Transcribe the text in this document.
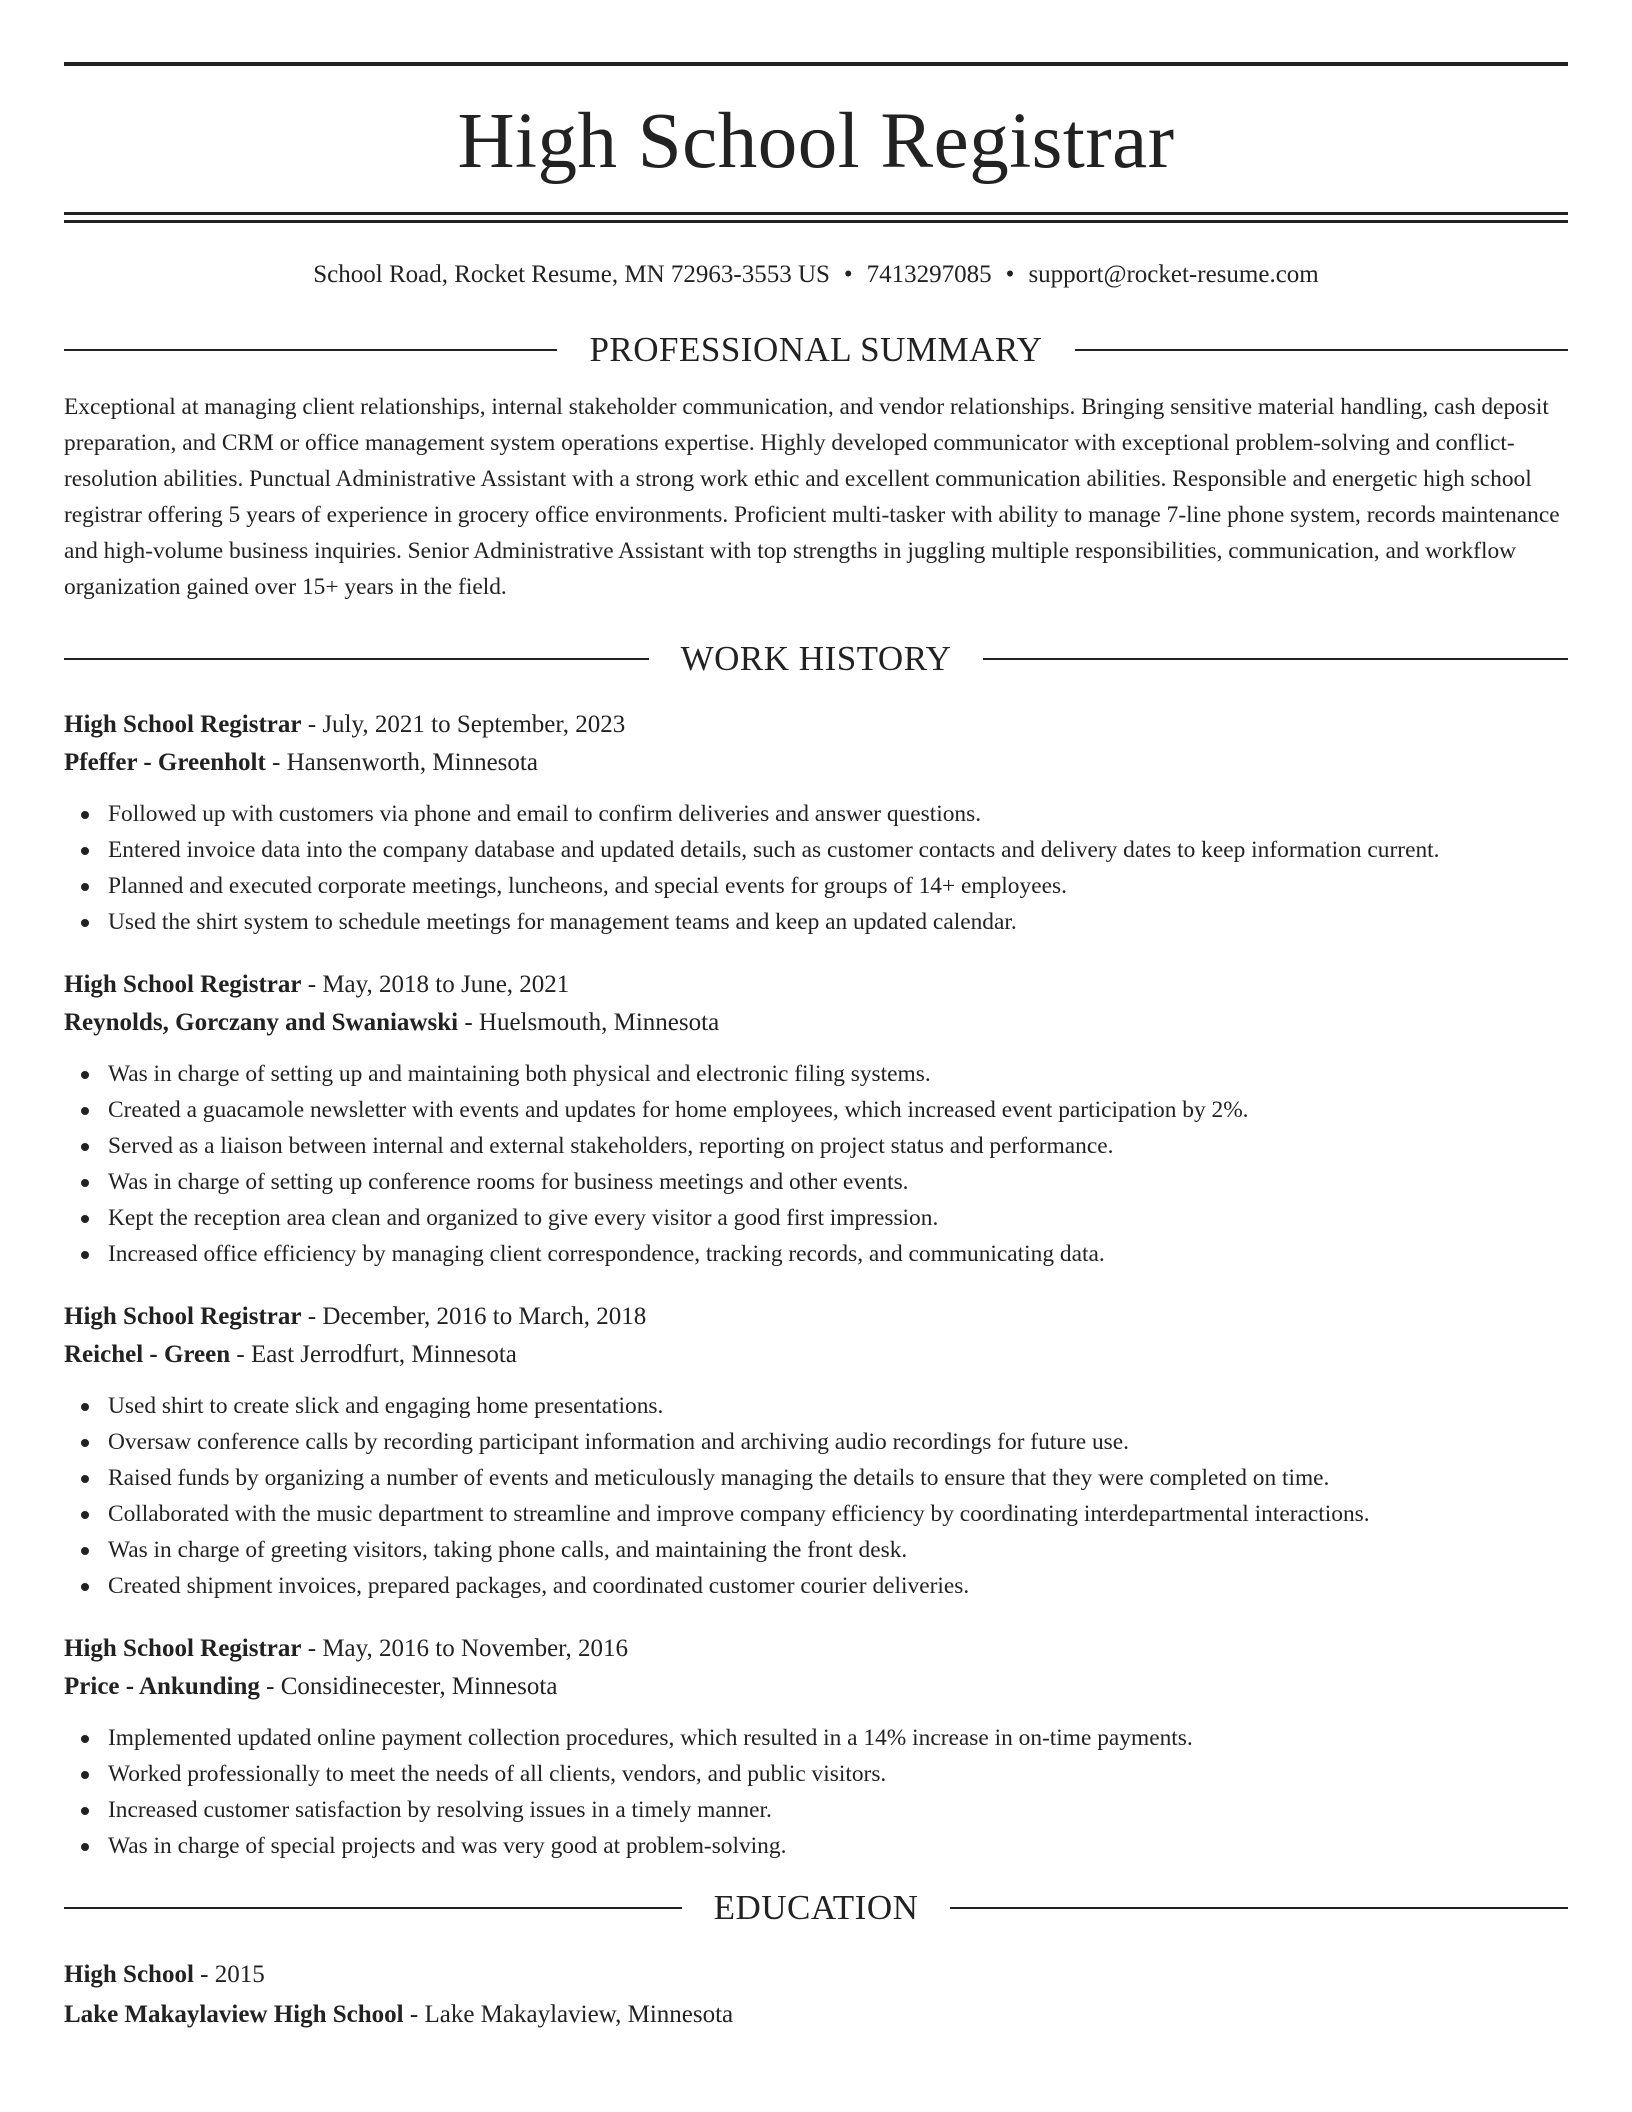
High School Registrar
School Road, Rocket Resume, MN 72963-3553 US • 7413297085 • support@rocket-resume.com
PROFESSIONAL SUMMARY

Exceptional at managing client relationships, internal stakeholder communication, and vendor relationships. Bringing sensitive material handling, cash deposit preparation, and CRM or office management system operations expertise. Highly developed communicator with exceptional problem-solving and conflict-resolution abilities. Punctual Administrative Assistant with a strong work ethic and excellent communication abilities. Responsible and energetic high school registrar offering 5 years of experience in grocery office environments. Proficient multi-tasker with ability to manage 7-line phone system, records maintenance and high-volume business inquiries. Senior Administrative Assistant with top strengths in juggling multiple responsibilities, communication, and workflow organization gained over 15+ years in the field.

WORK HISTORY
High School Registrar - July, 2021 to September, 2023
Pfeffer - Greenholt - Hansenworth, Minnesota
Followed up with customers via phone and email to confirm deliveries and answer questions.
Entered invoice data into the company database and updated details, such as customer contacts and delivery dates to keep information current.
Planned and executed corporate meetings, luncheons, and special events for groups of 14+ employees.
Used the shirt system to schedule meetings for management teams and keep an updated calendar.
High School Registrar - May, 2018 to June, 2021
Reynolds, Gorczany and Swaniawski - Huelsmouth, Minnesota
Was in charge of setting up and maintaining both physical and electronic filing systems.
Created a guacamole newsletter with events and updates for home employees, which increased event participation by 2%.
Served as a liaison between internal and external stakeholders, reporting on project status and performance.
Was in charge of setting up conference rooms for business meetings and other events.
Kept the reception area clean and organized to give every visitor a good first impression.
Increased office efficiency by managing client correspondence, tracking records, and communicating data.
High School Registrar - December, 2016 to March, 2018
Reichel - Green - East Jerrodfurt, Minnesota
Used shirt to create slick and engaging home presentations.
Oversaw conference calls by recording participant information and archiving audio recordings for future use.
Raised funds by organizing a number of events and meticulously managing the details to ensure that they were completed on time.
Collaborated with the music department to streamline and improve company efficiency by coordinating interdepartmental interactions.
Was in charge of greeting visitors, taking phone calls, and maintaining the front desk.
Created shipment invoices, prepared packages, and coordinated customer courier deliveries.
High School Registrar - May, 2016 to November, 2016
Price - Ankunding - Considinecester, Minnesota
Implemented updated online payment collection procedures, which resulted in a 14% increase in on-time payments.
Worked professionally to meet the needs of all clients, vendors, and public visitors.
Increased customer satisfaction by resolving issues in a timely manner.
Was in charge of special projects and was very good at problem-solving.
EDUCATION
High School - 2015
Lake Makaylaview High School - Lake Makaylaview, Minnesota
